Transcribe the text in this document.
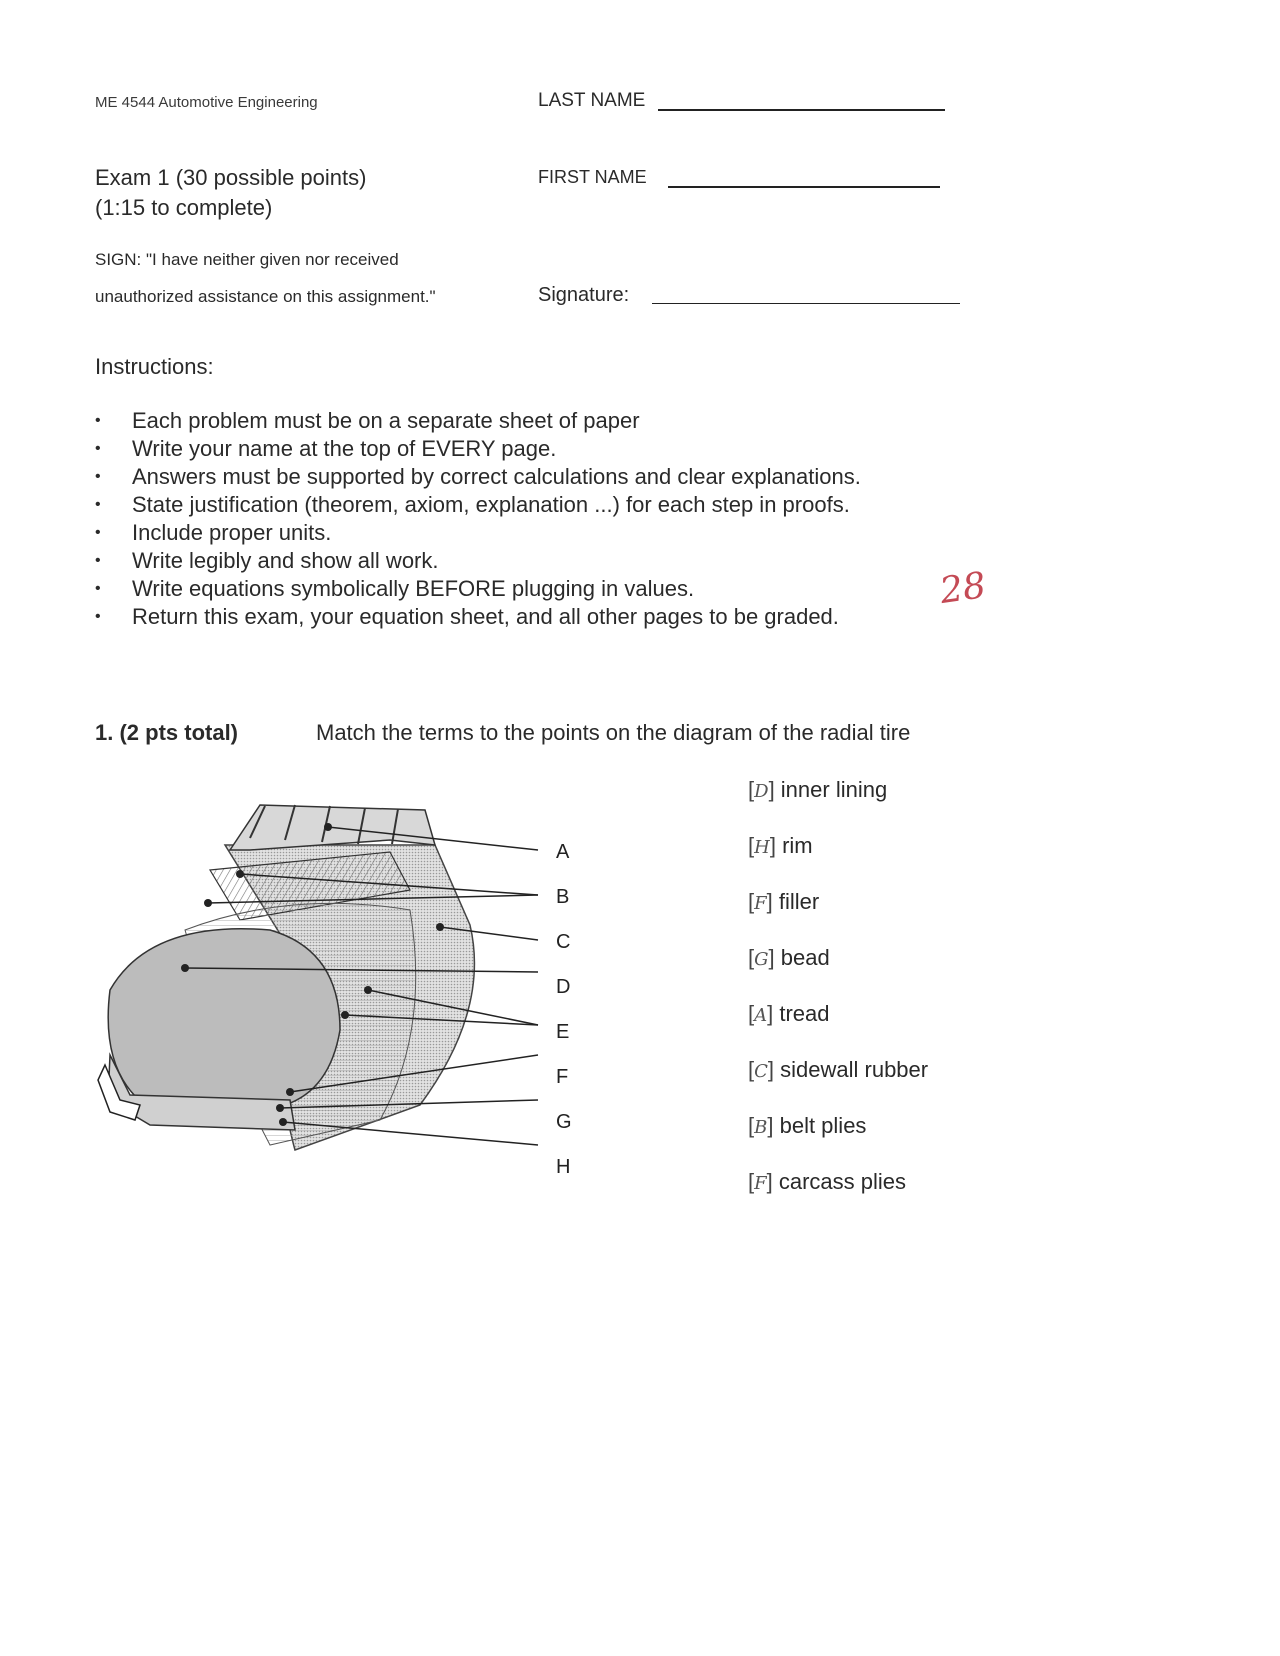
ME 4544 Automotive Engineering	LAST NAME
FIRST NAME
Exam 1 (30 possible points)
(1:15 to complete)
SIGN: "I have neither given nor received
unauthorized assistance on this assignment."	Signature:
Instructions:
• Each problem must be on a separate sheet of paper
• Write your name at the top of EVERY page.
• Answers must be supported by correct calculations and clear explanations.
• State justification (theorem, axiom, explanation ...) for each step in proofs.
• Include proper units.
• Write legibly and show all work.
• Write equations symbolically BEFORE plugging in values.
• Return this exam, your equation sheet, and all other pages to be graded.
28
1. (2 pts total)	Match the terms to the points on the diagram of the radial tire
A
B
C
D
E
F
G
H
[D] inner lining
[H] rim
[F] filler
[G] bead
[A] tread
[C] sidewall rubber
[B] belt plies
[F] carcass plies
